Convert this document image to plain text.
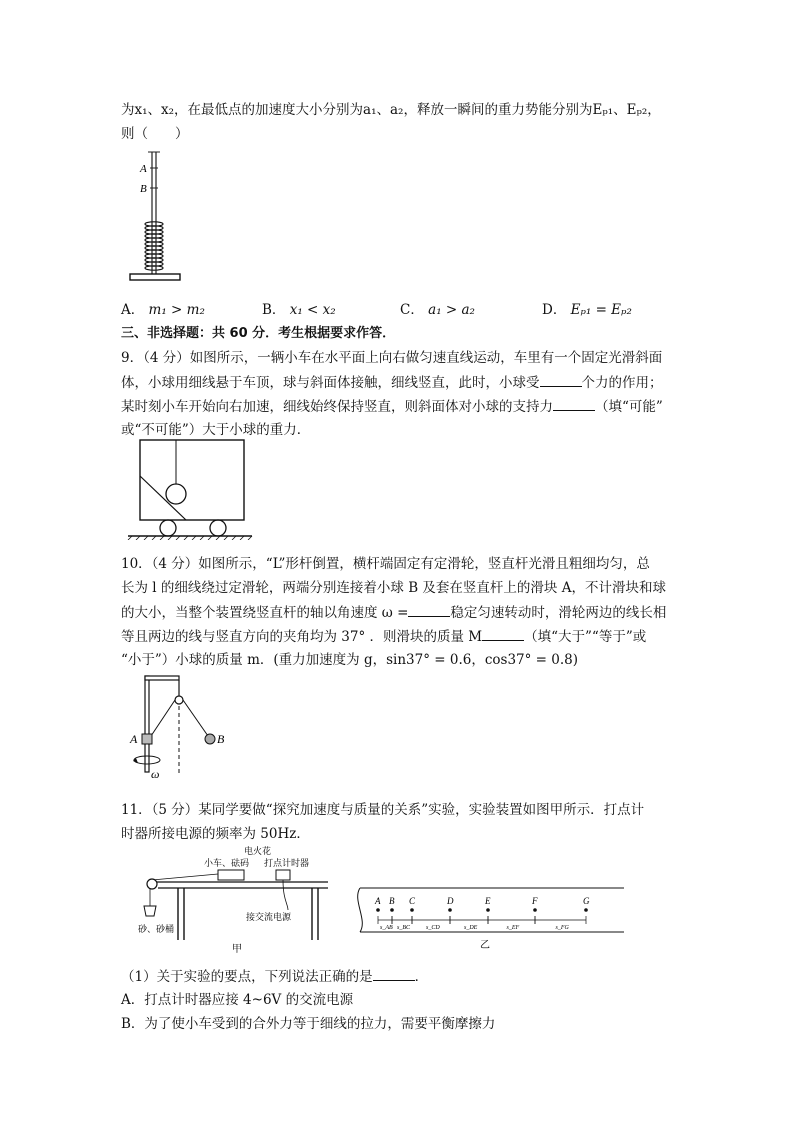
为x₁、x₂，在最低点的加速度大小分别为a₁、a₂，释放一瞬间的重力势能分别为Eₚ₁、Eₚ₂，
则（　　）
A
B
A． m₁ > m₂	B． x₁ < x₂	C． a₁ > a₂	D． Eₚ₁ = Eₚ₂
三、非选择题：共 60 分．考生根据要求作答．
9．（4 分）如图所示，一辆小车在水平面上向右做匀速直线运动，车里有一个固定光滑斜面
体，小球用细线悬于车顶，球与斜面体接触，细线竖直，此时，小球受	个力的作用；
某时刻小车开始向右加速，细线始终保持竖直，则斜面体对小球的支持力	（填“可能”
或“不可能”）大于小球的重力．
10．（4 分）如图所示，“L”形杆倒置，横杆端固定有定滑轮，竖直杆光滑且粗细均匀，总
长为 l 的细线绕过定滑轮，两端分别连接着小球 B 及套在竖直杆上的滑块 A，不计滑块和球
的大小，当整个装置绕竖直杆的轴以角速度 ω =	稳定匀速转动时，滑轮两边的线长相
等且两边的线与竖直方向的夹角均为 37° ．则滑块的质量 M	（填“大于”“等于”或
“小于”）小球的质量 m．(重力加速度为 g，sin37° = 0.6，cos37° = 0.8)
A	B
ω
11．（5 分）某同学要做“探究加速度与质量的关系”实验，实验装置如图甲所示．打点计
时器所接电源的频率为 50Hz．
电火花
小车、砝码 打点计时器
砂、砂桶
接交流电源
甲
A B C	D	E	F	G
s_AB s_BC	s_CD	s_DE	s_EF	s_FG
乙
（1）关于实验的要点，下列说法正确的是	．
A．打点计时器应接 4~6V 的交流电源
B．为了使小车受到的合外力等于细线的拉力，需要平衡摩擦力
